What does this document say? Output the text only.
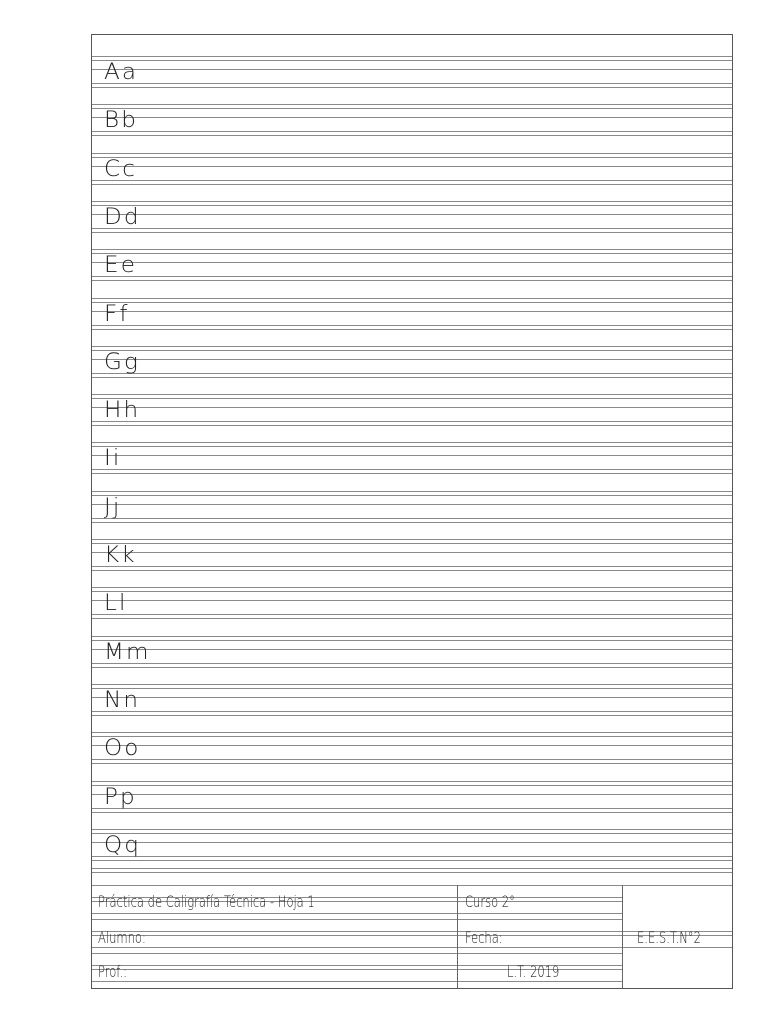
Aa
Bb
Cc
Dd
Ee
Ff
Gg
Hh
Ii
Jj
Kk
Ll
Mm
Nn
Oo
Pp
Qq
Práctica de Caligrafía Técnica - Hoja 1
Alumno:
Prof.:
Curso 2°
Fecha:
L.T. 2019
E.E.S.T.N°2
